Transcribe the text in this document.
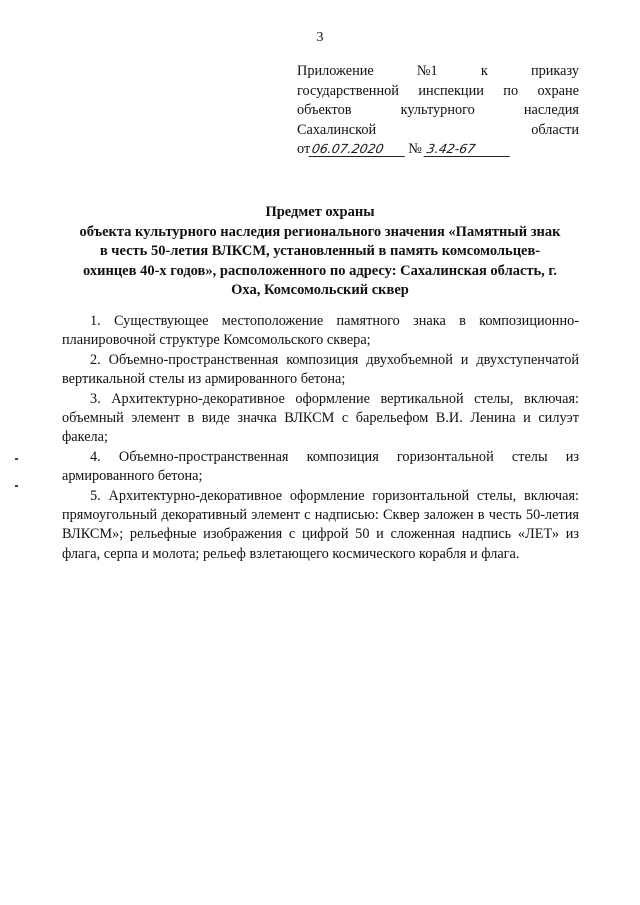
3
Приложение	№1	к	приказу
государственной инспекции по охране
объектов	культурного	наследия
Сахалинской	области
от 06.07.2020	№ 3.42-67
Предмет охраны
объекта культурного наследия регионального значения «Памятный знак
в честь 50-летия ВЛКСМ, установленный в память комсомольцев-
охинцев 40-х годов», расположенного по адресу: Сахалинская область, г.
Оха, Комсомольский сквер

1. Существующее местоположение памятного знака в композиционно-планировочной структуре Комсомольского сквера;

2. Объемно-пространственная композиция двухобъемной и двухступенчатой вертикальной стелы из армированного бетона;

3. Архитектурно-декоративное оформление вертикальной стелы, включая: объемный элемент в виде значка ВЛКСМ с барельефом В.И. Ленина и силуэт факела;

4. Объемно-пространственная композиция горизонтальной стелы из армированного бетона;

5. Архитектурно-декоративное оформление горизонтальной стелы, включая: прямоугольный декоративный элемент с надписью: Сквер заложен в честь 50-летия ВЛКСМ»; рельефные изображения с цифрой 50 и сложенная надпись «ЛЕТ» из флага, серпа и молота; рельеф взлетающего космического корабля и флага.
